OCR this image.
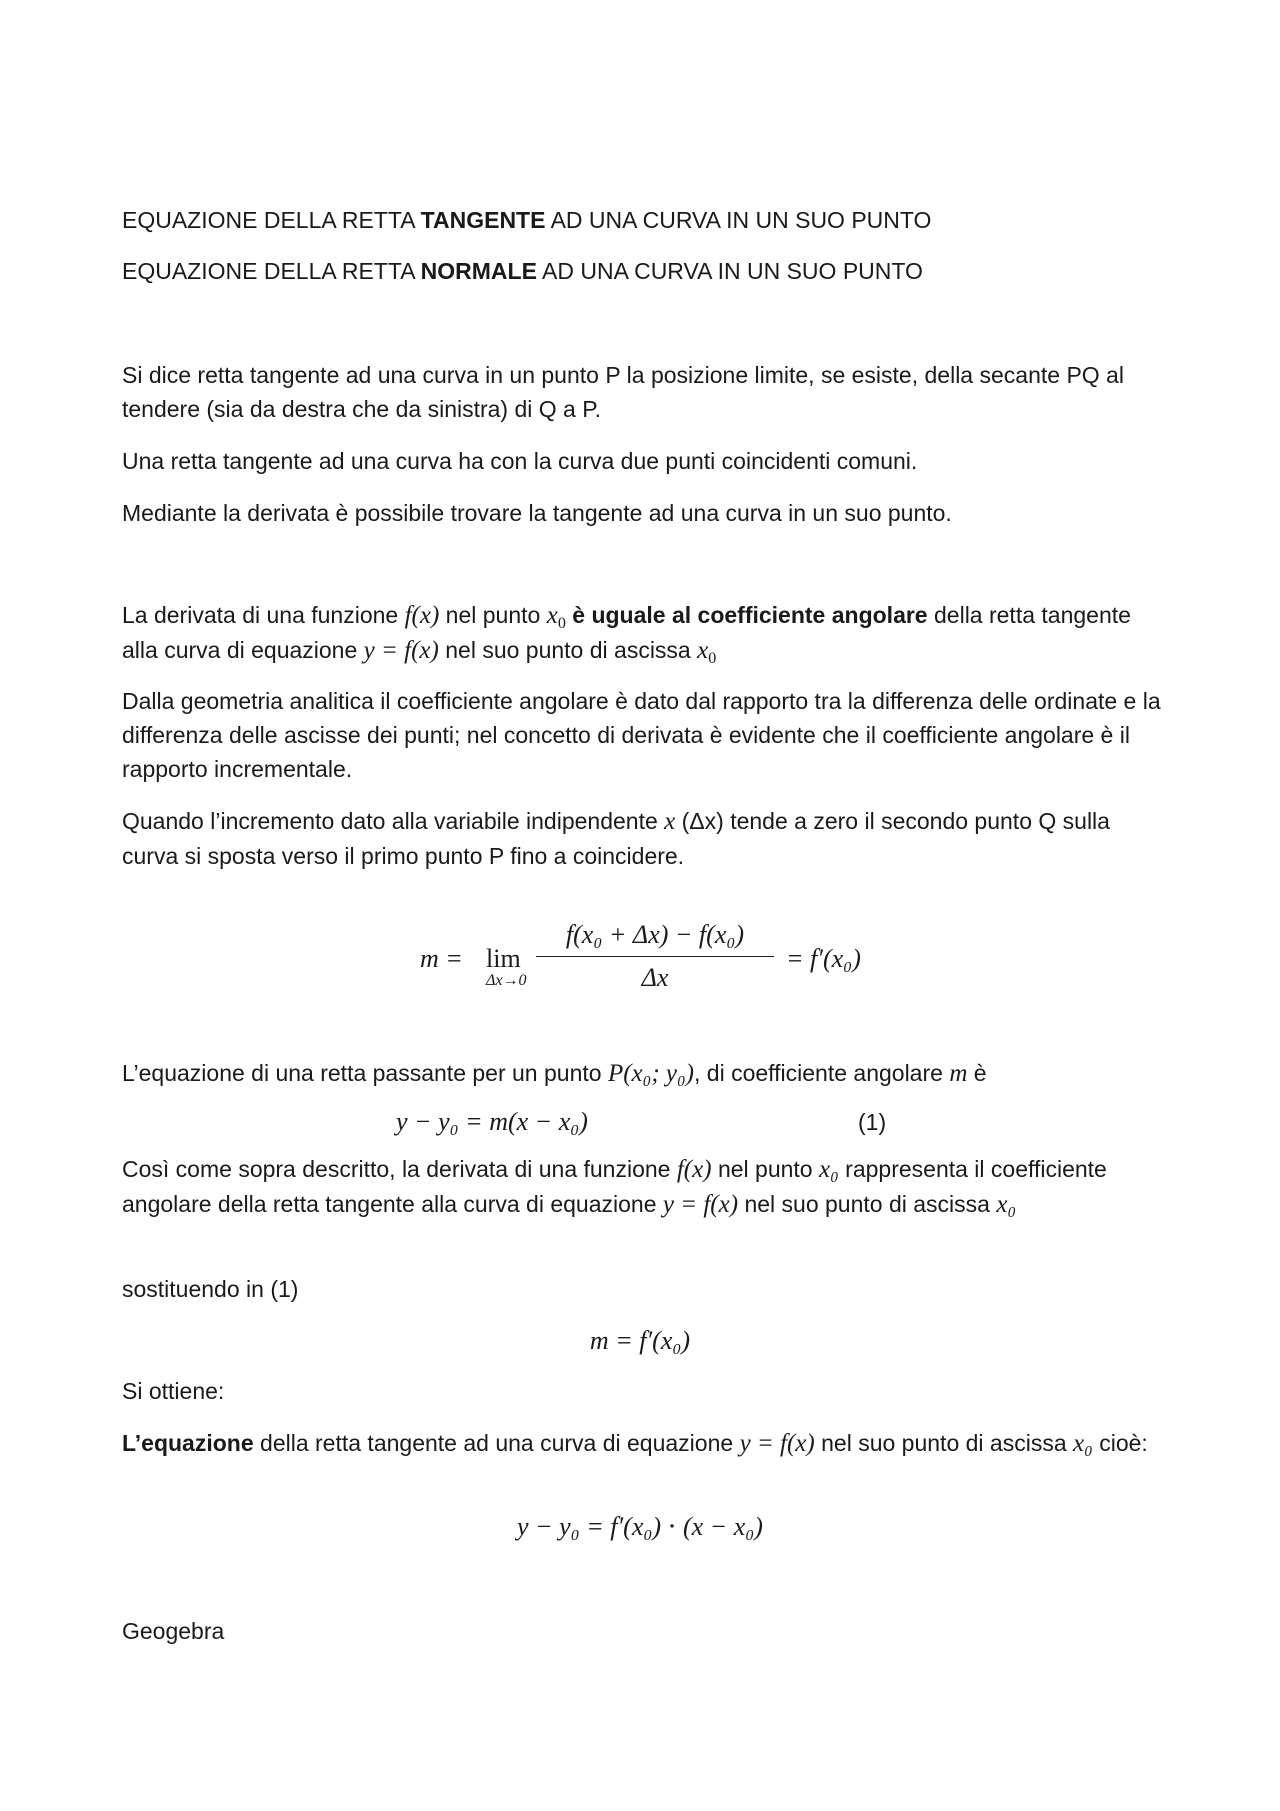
EQUAZIONE DELLA RETTA TANGENTE AD UNA CURVA IN UN SUO PUNTO

EQUAZIONE DELLA RETTA NORMALE AD UNA CURVA IN UN SUO PUNTO

Si dice retta tangente ad una curva in un punto P la posizione limite, se esiste, della secante PQ al tendere (sia da destra che da sinistra) di Q a P.

Una retta tangente ad una curva ha con la curva due punti coincidenti comuni.

Mediante la derivata è possibile trovare la tangente ad una curva in un suo punto.

La derivata di una funzione f(x) nel punto $x_0$ è uguale al coefficiente angolare della retta tangente alla curva di equazione y = f(x) nel suo punto di ascissa $x_0$

Dalla geometria analitica il coefficiente angolare è dato dal rapporto tra la differenza delle ordinate e la differenza delle ascisse dei punti; nel concetto di derivata è evidente che il coefficiente angolare è il rapporto incrementale.

Quando l’incremento dato alla variabile indipendente x (Δx) tende a zero il secondo punto Q sulla curva si sposta verso il primo punto P fino a coincidere.

m = lim
Δx→0
f(x₀ + Δx) − f(x₀)
Δx
= f′(x₀)

L’equazione di una retta passante per un punto P(x₀; y₀), di coefficiente angolare m è

y − y₀ = m(x − x₀)	(1)

Così come sopra descritto, la derivata di una funzione f(x) nel punto x₀ rappresenta il coefficiente angolare della retta tangente alla curva di equazione y = f(x) nel suo punto di ascissa x₀

sostituendo in (1)

m = f′(x₀)

Si ottiene:

L’equazione della retta tangente ad una curva di equazione y = f(x) nel suo punto di ascissa x₀ cioè:

y − y₀ = f′(x₀) ⋅ (x − x₀)

Geogebra
